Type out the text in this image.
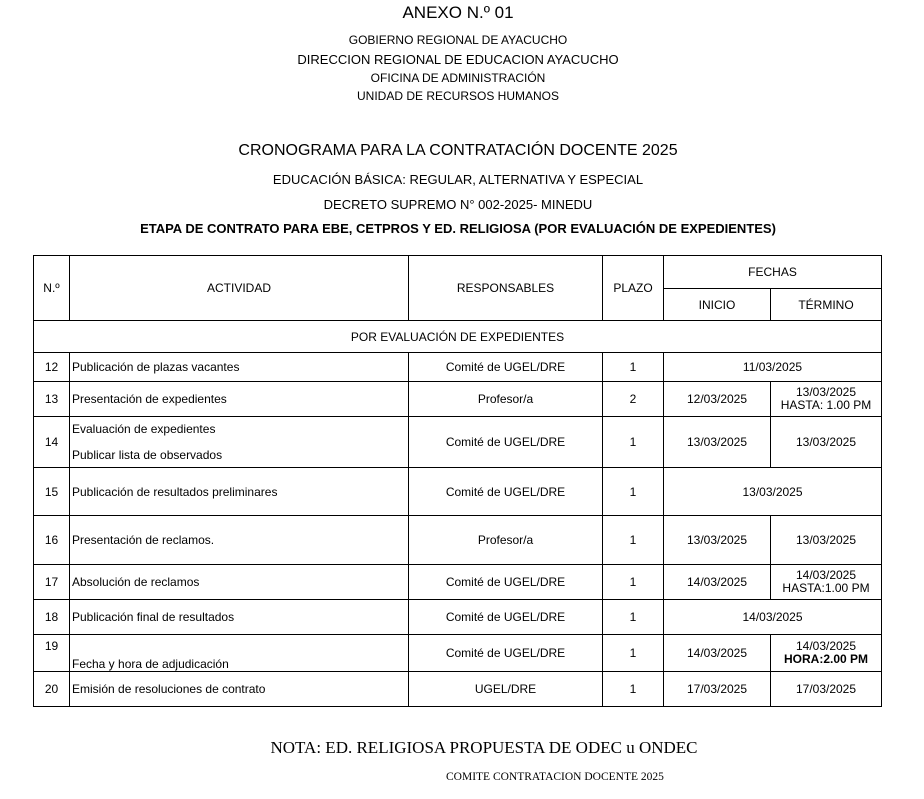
ANEXO N.º 01
GOBIERNO REGIONAL DE AYACUCHO
DIRECCION REGIONAL DE EDUCACION AYACUCHO
OFICINA DE ADMINISTRACIÓN
UNIDAD DE RECURSOS HUMANOS
CRONOGRAMA PARA LA CONTRATACIÓN DOCENTE 2025
EDUCACIÓN BÁSICA: REGULAR, ALTERNATIVA Y ESPECIAL
DECRETO SUPREMO N° 002-2025- MINEDU
ETAPA DE CONTRATO PARA EBE, CETPROS Y ED. RELIGIOSA (POR EVALUACIÓN DE EXPEDIENTES)
N.º	ACTIVIDAD	RESPONSABLES	PLAZO	FECHAS	
				INICIO	TÉRMINO
POR EVALUACIÓN DE EXPEDIENTES					
12	Publicación de plazas vacantes	Comité de UGEL/DRE	1	11/03/2025	
13	Presentación de expedientes	Profesor/a	2	12/03/2025	13/03/2025
HASTA: 1.00 PM

14	Evaluación de expedientes
Publicar lista de observados	Comité de UGEL/DRE	1	13/03/2025	13/03/2025
15	Publicación de resultados preliminares	Comité de UGEL/DRE	1	13/03/2025	
16	Presentación de reclamos.	Profesor/a	1	13/03/2025	13/03/2025
17	Absolución de reclamos	Comité de UGEL/DRE	1	14/03/2025	14/03/2025
HASTA:1.00 PM

18	Publicación final de resultados	Comité de UGEL/DRE	1	14/03/2025	
19	Fecha y hora de adjudicación	Comité de UGEL/DRE	1	14/03/2025	14/03/2025
HORA:2.00 PM

20	Emisión de resoluciones de contrato	UGEL/DRE	1	17/03/2025	17/03/2025
NOTA: ED. RELIGIOSA PROPUESTA DE ODEC u ONDEC
COMITE CONTRATACION DOCENTE 2025
